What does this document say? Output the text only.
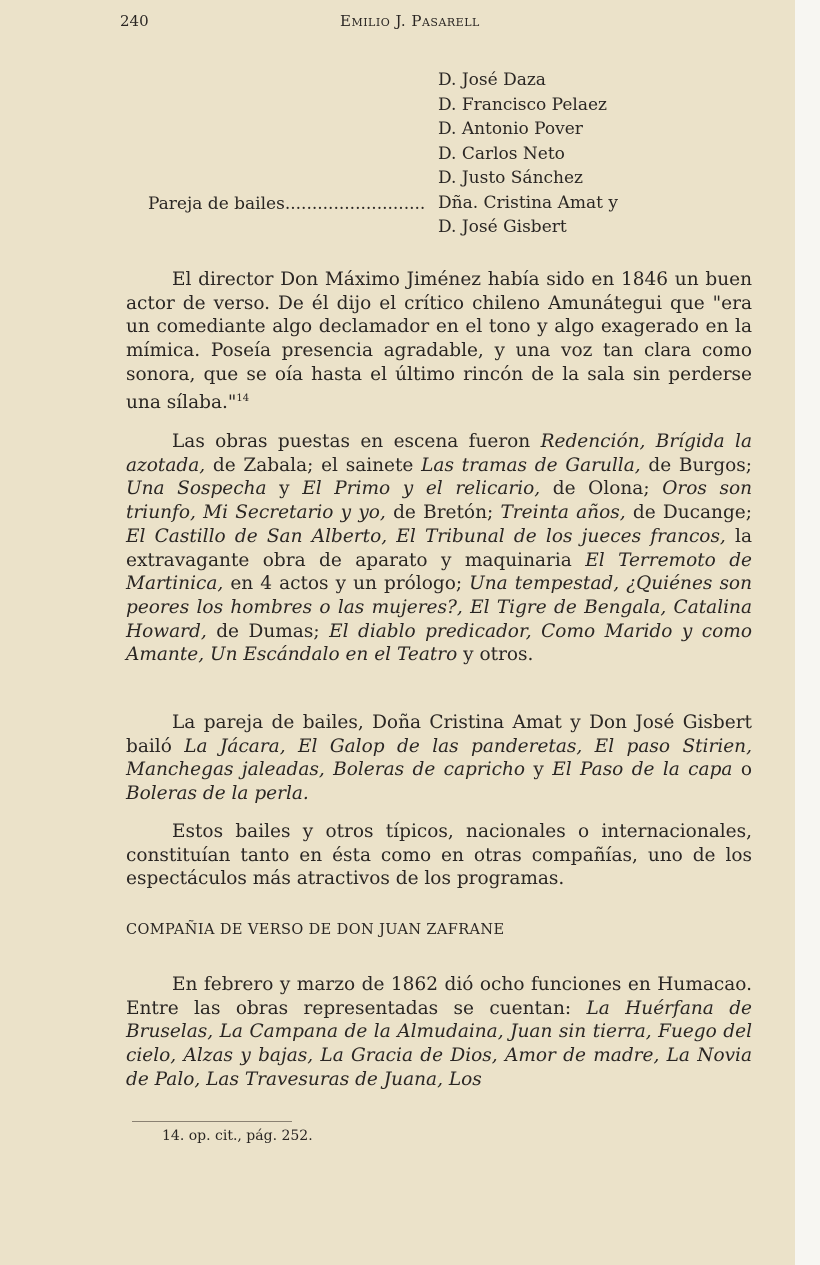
240	Emilio J. Pasarell
D. José Daza
D. Francisco Pelaez
D. Antonio Pover
D. Carlos Neto
D. Justo Sánchez
Dña. Cristina Amat y
D. José Gisbert
Pareja de bailes..........................

El director Don Máximo Jiménez había sido en 1846 un buen actor de verso. De él dijo el crítico chileno Amunátegui que "era un comediante algo declamador en el tono y algo exagerado en la mímica. Poseía presencia agradable, y una voz tan clara como sonora, que se oía hasta el último rincón de la sala sin perderse una sílaba."$^{14}$

Las obras puestas en escena fueron Redención, Brígida la azotada, de Zabala; el sainete Las tramas de Garulla, de Burgos; Una Sospecha y El Primo y el relicario, de Olona; Oros son triunfo, Mi Secretario y yo, de Bretón; Treinta años, de Ducange; El Castillo de San Alberto, El Tribunal de los jueces francos, la extravagante obra de aparato y maquinaria El Terremoto de Martinica, en 4 actos y un prólogo; Una tempestad, ¿Quiénes son peores los hombres o las mujeres?, El Tigre de Bengala, Catalina Howard, de Dumas; El diablo predicador, Como Marido y como Amante, Un Escándalo en el Teatro y otros.

La pareja de bailes, Doña Cristina Amat y Don José Gisbert bailó La Jácara, El Galop de las panderetas, El paso Stirien, Manchegas jaleadas, Boleras de capricho y El Paso de la capa o Boleras de la perla.

Estos bailes y otros típicos, nacionales o internacionales, constituían tanto en ésta como en otras compañías, uno de los espectáculos más atractivos de los programas.

COMPAÑIA DE VERSO DE DON JUAN ZAFRANE

En febrero y marzo de 1862 dió ocho funciones en Humacao. Entre las obras representadas se cuentan: La Huérfana de Bruselas, La Campana de la Almudaina, Juan sin tierra, Fuego del cielo, Alzas y bajas, La Gracia de Dios, Amor de madre, La Novia de Palo, Las Travesuras de Juana, Los

14. op. cit., pág. 252.
